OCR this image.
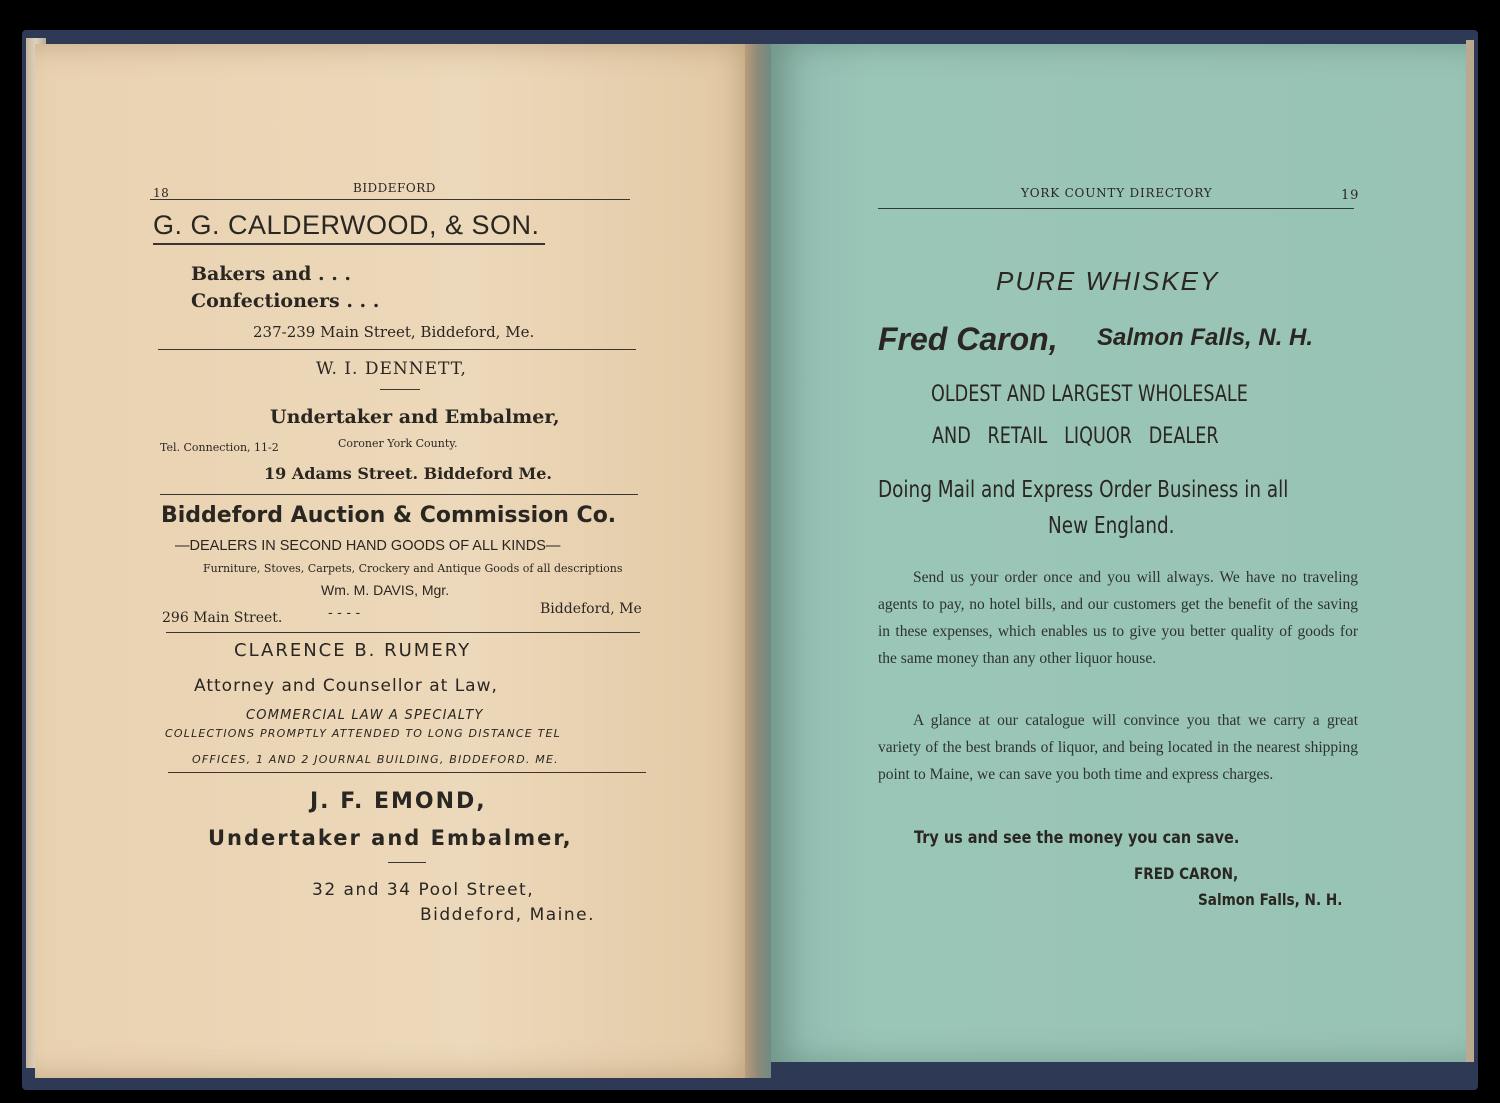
18	BIDDEFORD
G. G. CALDERWOOD, & SON.
Bakers and . . .
Confectioners . . .
237-239 Main Street, Biddeford, Me.
W. I. DENNETT,
Undertaker and Embalmer,
Tel. Connection, 11-2	Coroner York County.
19 Adams Street. Biddeford Me.
Biddeford Auction & Commission Co.
—DEALERS IN SECOND HAND GOODS OF ALL KINDS—
Furniture, Stoves, Carpets, Crockery and Antique Goods of all descriptions
Wm. M. DAVIS, Mgr.
296 Main Street.	- - - -	Biddeford, Me
CLARENCE B. RUMERY
Attorney and Counsellor at Law,
COMMERCIAL LAW A SPECIALTY
COLLECTIONS PROMPTLY ATTENDED TO LONG DISTANCE TEL
OFFICES, 1 AND 2 JOURNAL BUILDING, BIDDEFORD. ME.
J. F. EMOND,
Undertaker and Embalmer,
32 and 34 Pool Street,
Biddeford, Maine.
YORK COUNTY DIRECTORY	19
PURE WHISKEY
Fred Caron, Salmon Falls, N. H.
OLDEST AND LARGEST WHOLESALE
AND   RETAIL   LIQUOR   DEALER
Doing Mail and Express Order Business in all
New England.
Send us your order once and you will always. We have no traveling agents to pay, no hotel bills, and our customers get the benefit of the saving in these expenses, which enables us to give you better quality of goods for the same money than any other liquor house.
A glance at our catalogue will convince you that we carry a great variety of the best brands of liquor, and being located in the nearest shipping point to Maine, we can save you both time and express charges.
Try us and see the money you can save.
FRED CARON,
Salmon Falls, N. H.
